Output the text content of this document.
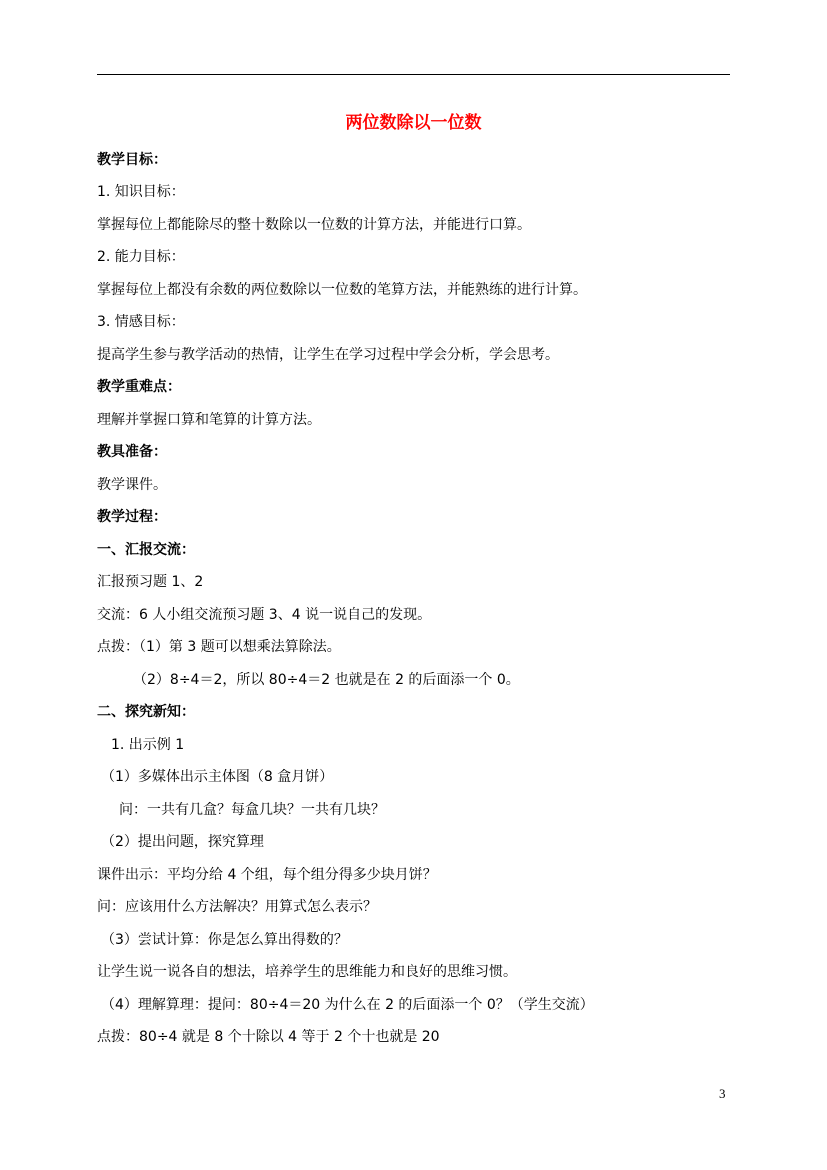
两位数除以一位数
教学目标：
1. 知识目标：
掌握每位上都能除尽的整十数除以一位数的计算方法，并能进行口算。
2. 能力目标：
掌握每位上都没有余数的两位数除以一位数的笔算方法，并能熟练的进行计算。
3. 情感目标：
提高学生参与教学活动的热情，让学生在学习过程中学会分析，学会思考。
教学重难点：
理解并掌握口算和笔算的计算方法。
教具准备：
教学课件。
教学过程：
一、汇报交流：
汇报预习题 1、2
交流：6 人小组交流预习题 3、4 说一说自己的发现。
点拨：（1）第 3 题可以想乘法算除法。
（2）8÷4＝2，所以 80÷4＝2 也就是在 2 的后面添一个 0。
二、探究新知：
1. 出示例 1
（1）多媒体出示主体图（8 盒月饼）
问：一共有几盒？每盒几块？一共有几块？
（2）提出问题，探究算理
课件出示：平均分给 4 个组，每个组分得多少块月饼？
问：应该用什么方法解决？用算式怎么表示？
（3）尝试计算：你是怎么算出得数的？
让学生说一说各自的想法，培养学生的思维能力和良好的思维习惯。
（4）理解算理：提问：80÷4＝20 为什么在 2 的后面添一个 0？（学生交流）
点拨：80÷4 就是 8 个十除以 4 等于 2 个十也就是 20
3
